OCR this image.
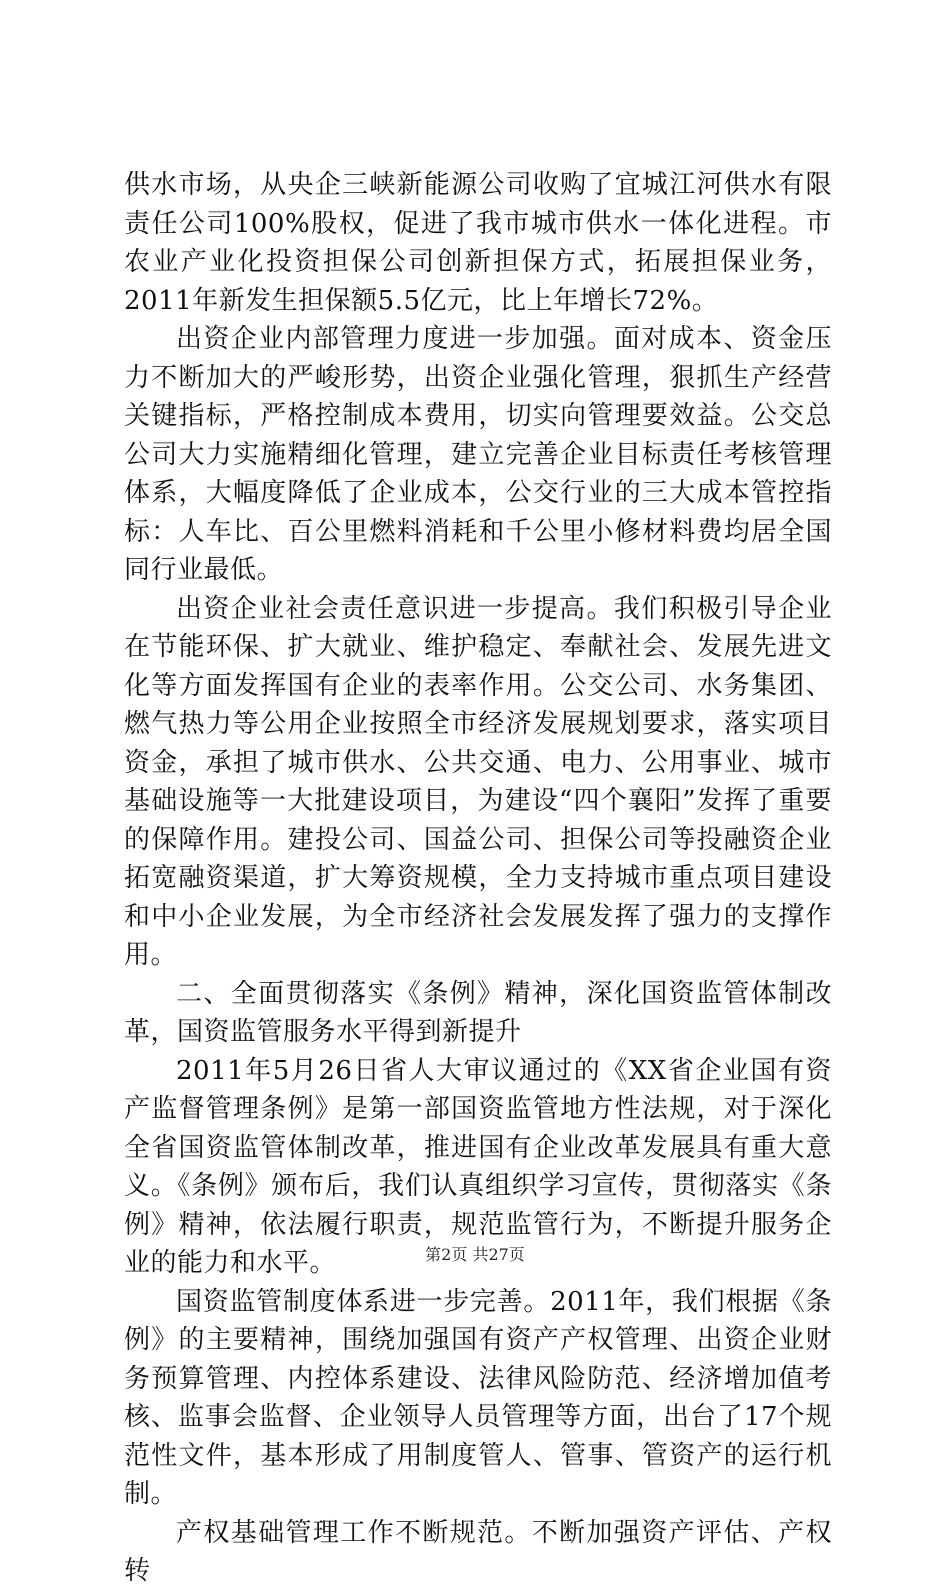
供水市场，从央企三峡新能源公司收购了宜城江河供水有限责任公司100%股权，促进了我市城市供水一体化进程。市农业产业化投资担保公司创新担保方式，拓展担保业务，2011年新发生担保额5.5亿元，比上年增长72%。

出资企业内部管理力度进一步加强。面对成本、资金压力不断加大的严峻形势，出资企业强化管理，狠抓生产经营关键指标，严格控制成本费用，切实向管理要效益。公交总公司大力实施精细化管理，建立完善企业目标责任考核管理体系，大幅度降低了企业成本，公交行业的三大成本管控指标：人车比、百公里燃料消耗和千公里小修材料费均居全国同行业最低。

出资企业社会责任意识进一步提高。我们积极引导企业在节能环保、扩大就业、维护稳定、奉献社会、发展先进文化等方面发挥国有企业的表率作用。公交公司、水务集团、燃气热力等公用企业按照全市经济发展规划要求，落实项目资金，承担了城市供水、公共交通、电力、公用事业、城市基础设施等一大批建设项目，为建设“四个襄阳”发挥了重要的保障作用。建投公司、国益公司、担保公司等投融资企业拓宽融资渠道，扩大筹资规模，全力支持城市重点项目建设和中小企业发展，为全市经济社会发展发挥了强力的支撑作用。

二、全面贯彻落实《条例》精神，深化国资监管体制改革，国资监管服务水平得到新提升

2011年5月26日省人大审议通过的《XX省企业国有资产监督管理条例》是第一部国资监管地方性法规，对于深化全省国资监管体制改革，推进国有企业改革发展具有重大意义。《条例》颁布后，我们认真组织学习宣传，贯彻落实《条例》精神，依法履行职责，规范监管行为，不断提升服务企业的能力和水平。

国资监管制度体系进一步完善。2011年，我们根据《条例》的主要精神，围绕加强国有资产产权管理、出资企业财务预算管理、内控体系建设、法律风险防范、经济增加值考核、监事会监督、企业领导人员管理等方面，出台了17个规范性文件，基本形成了用制度管人、管事、管资产的运行机制。

产权基础管理工作不断规范。不断加强资产评估、产权转

第2页 共27页
